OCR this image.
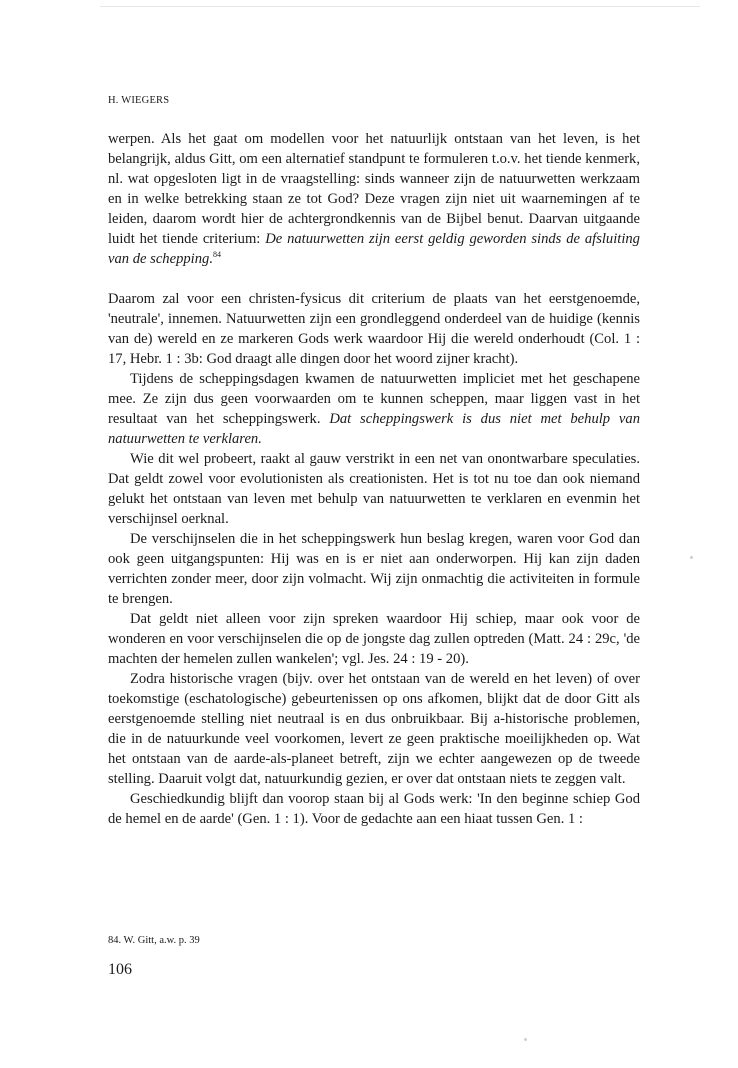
H. WIEGERS

werpen. Als het gaat om modellen voor het natuurlijk ontstaan van het leven, is het belangrijk, aldus Gitt, om een alternatief standpunt te formuleren t.o.v. het tiende kenmerk, nl. wat opgesloten ligt in de vraagstelling: sinds wanneer zijn de natuurwetten werkzaam en in welke betrekking staan ze tot God? Deze vragen zijn niet uit waarnemingen af te leiden, daarom wordt hier de achtergrondkennis van de Bijbel benut. Daarvan uitgaande luidt het tiende criterium: De natuurwetten zijn eerst geldig geworden sinds de afsluiting van de schepping.$^{84}$

Daarom zal voor een christen-fysicus dit criterium de plaats van het eerstgenoemde, 'neutrale', innemen. Natuurwetten zijn een grondleggend onderdeel van de huidige (kennis van de) wereld en ze markeren Gods werk waardoor Hij die wereld onderhoudt (Col. 1 : 17, Hebr. 1 : 3b: God draagt alle dingen door het woord zijner kracht).

Tijdens de scheppingsdagen kwamen de natuurwetten impliciet met het geschapene mee. Ze zijn dus geen voorwaarden om te kunnen scheppen, maar liggen vast in het resultaat van het scheppingswerk. Dat scheppingswerk is dus niet met behulp van natuurwetten te verklaren.

Wie dit wel probeert, raakt al gauw verstrikt in een net van onontwarbare speculaties. Dat geldt zowel voor evolutionisten als creationisten. Het is tot nu toe dan ook niemand gelukt het ontstaan van leven met behulp van natuurwetten te verklaren en evenmin het verschijnsel oerknal.

De verschijnselen die in het scheppingswerk hun beslag kregen, waren voor God dan ook geen uitgangspunten: Hij was en is er niet aan onderworpen. Hij kan zijn daden verrichten zonder meer, door zijn volmacht. Wij zijn onmachtig die activiteiten in formule te brengen.

Dat geldt niet alleen voor zijn spreken waardoor Hij schiep, maar ook voor de wonderen en voor verschijnselen die op de jongste dag zullen optreden (Matt. 24 : 29c, 'de machten der hemelen zullen wankelen'; vgl. Jes. 24 : 19 - 20).

Zodra historische vragen (bijv. over het ontstaan van de wereld en het leven) of over toekomstige (eschatologische) gebeurtenissen op ons afkomen, blijkt dat de door Gitt als eerstgenoemde stelling niet neutraal is en dus onbruikbaar. Bij a-historische problemen, die in de natuurkunde veel voorkomen, levert ze geen praktische moeilijkheden op. Wat het ontstaan van de aarde-als-planeet betreft, zijn we echter aangewezen op de tweede stelling. Daaruit volgt dat, natuurkundig gezien, er over dat ontstaan niets te zeggen valt.

Geschiedkundig blijft dan voorop staan bij al Gods werk: 'In den beginne schiep God de hemel en de aarde' (Gen. 1 : 1). Voor de gedachte aan een hiaat tussen Gen. 1 :

84. W. Gitt, a.w. p. 39
106
